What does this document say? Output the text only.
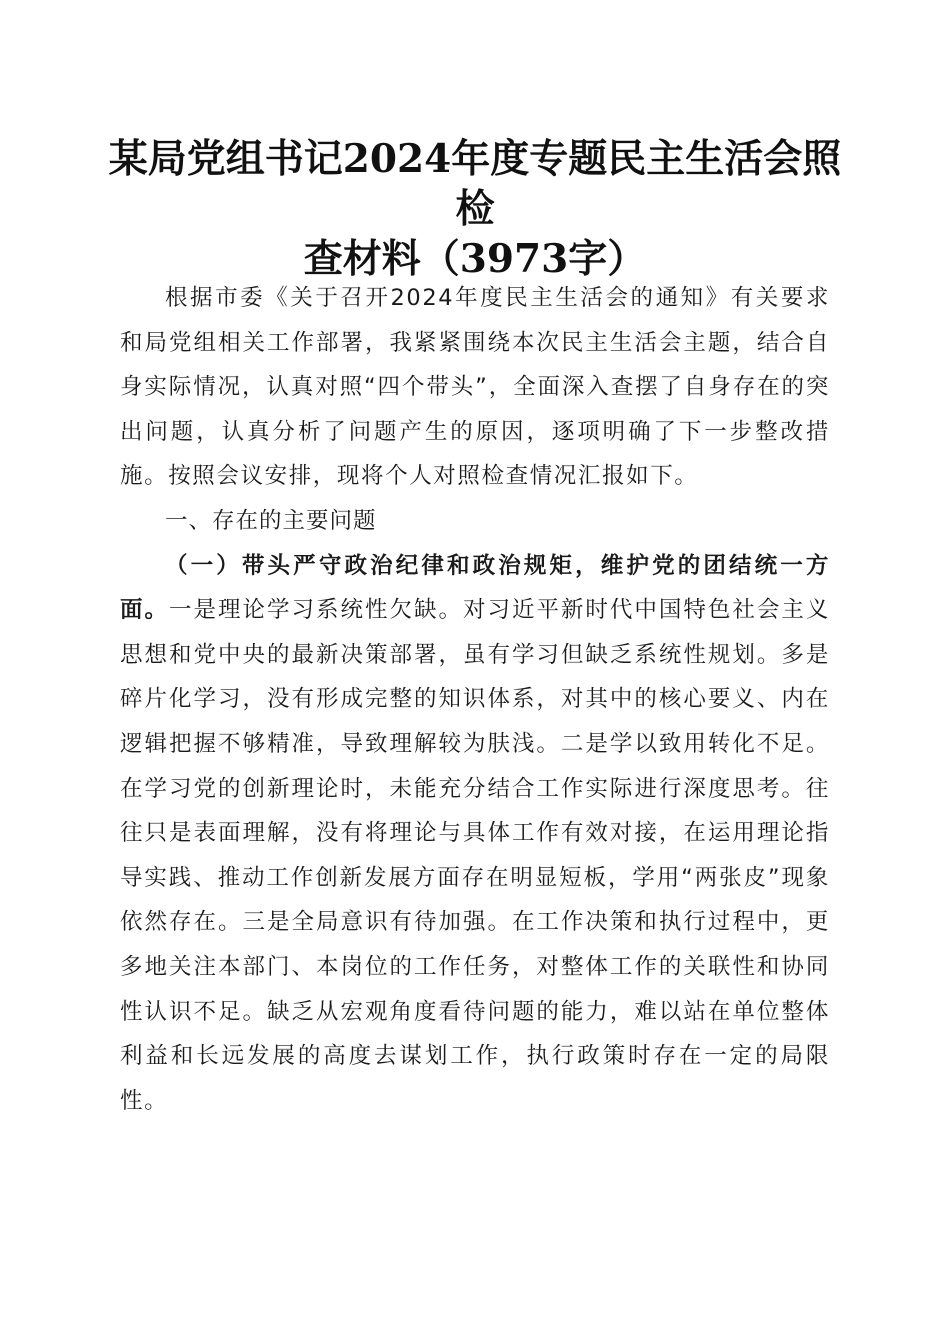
某局党组书记2024年度专题民主生活会照检
查材料（3973字）

根据市委《关于召开2024年度民主生活会的通知》有关要求和局党组相关工作部署，我紧紧围绕本次民主生活会主题，结合自身实际情况，认真对照“四个带头”，全面深入查摆了自身存在的突出问题，认真分析了问题产生的原因，逐项明确了下一步整改措施。按照会议安排，现将个人对照检查情况汇报如下。

一、存在的主要问题

（一）带头严守政治纪律和政治规矩，维护党的团结统一方面。一是理论学习系统性欠缺。对习近平新时代中国特色社会主义思想和党中央的最新决策部署，虽有学习但缺乏系统性规划。多是碎片化学习，没有形成完整的知识体系，对其中的核心要义、内在逻辑把握不够精准，导致理解较为肤浅。二是学以致用转化不足。在学习党的创新理论时，未能充分结合工作实际进行深度思考。往往只是表面理解，没有将理论与具体工作有效对接，在运用理论指导实践、推动工作创新发展方面存在明显短板，学用“两张皮”现象依然存在。三是全局意识有待加强。在工作决策和执行过程中，更多地关注本部门、本岗位的工作任务，对整体工作的关联性和协同性认识不足。缺乏从宏观角度看待问题的能力，难以站在单位整体利益和长远发展的高度去谋划工作，执行政策时存在一定的局限性。
